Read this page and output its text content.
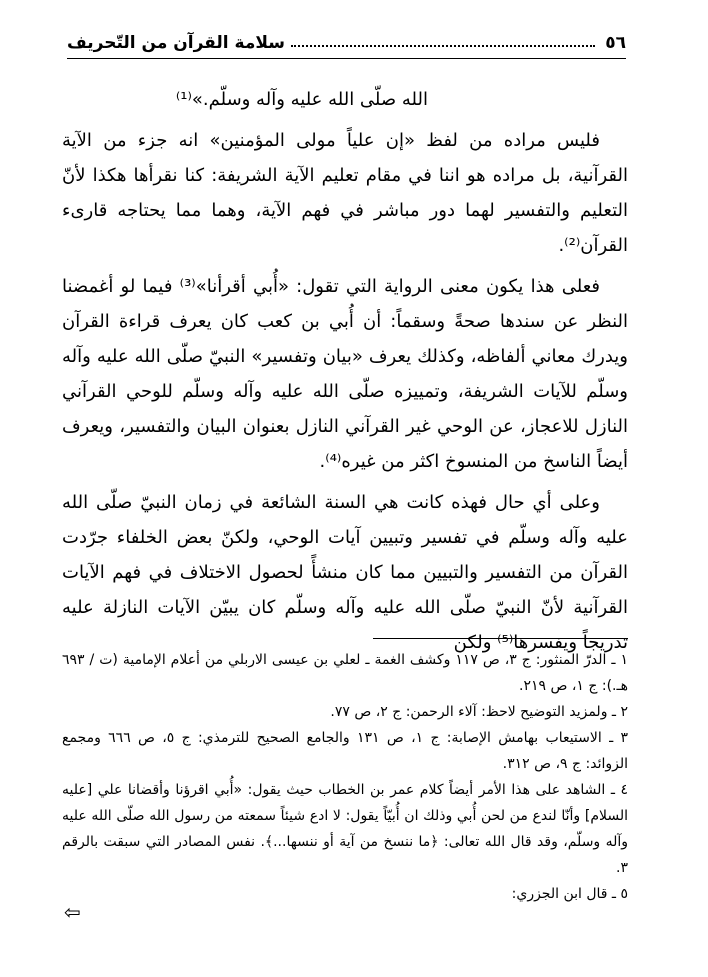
٥٦
سلامة القرآن من التّحريف

الله صلّى الله عليه وآله وسلّم.»⁽¹⁾

فليس مراده من لفظ «إن علياً مولى المؤمنين» انه جزء من الآية القرآنية، بل مراده هو اننا في مقام تعليم الآية الشريفة: كنا نقرأها هكذا لأنّ التعليم والتفسير لهما دور مباشر في فهم الآية، وهما مما يحتاجه قارىء القرآن⁽²⁾.

فعلى هذا يكون معنى الرواية التي تقول: «أُبي أقرأنا»⁽³⁾ فيما لو أغمضنا النظر عن سندها صحةً وسقماً: أن أُبي بن كعب كان يعرف قراءة القرآن ويدرك معاني ألفاظه، وكذلك يعرف «بيان وتفسير» النبيّ صلّى الله عليه وآله وسلّم للآيات الشريفة، وتمييزه صلّى الله عليه وآله وسلّم للوحي القرآني النازل للاعجاز، عن الوحي غير القرآني النازل بعنوان البيان والتفسير، ويعرف أيضاً الناسخ من المنسوخ اكثر من غيره⁽⁴⁾.

وعلى أي حال فهذه كانت هي السنة الشائعة في زمان النبيّ صلّى الله عليه وآله وسلّم في تفسير وتبيين آيات الوحي، ولكنّ بعض الخلفاء جرّدت القرآن من التفسير والتبيين مما كان منشأً لحصول الاختلاف في فهم الآيات القرآنية لأنّ النبيّ صلّى الله عليه وآله وسلّم كان يبيّن الآيات النازلة عليه تدريجاً ويفسرها⁽⁵⁾ ولكن

١ ـ الدرّ المنثور: ج ٣، ص ١١٧ وكشف الغمة ـ لعلي بن عيسى الاربلي من أعلام الإمامية (ت / ٦٩٣ هـ.): ج ١، ص ٢١٩.

٢ ـ ولمزيد التوضيح لاحظ: آلاء الرحمن: ج ٢، ص ٧٧.

٣ ـ الاستيعاب بهامش الإصابة: ج ١، ص ١٣١ والجامع الصحيح للترمذي: ج ٥، ص ٦٦٦ ومجمع الزوائد: ج ٩، ص ٣١٢.

٤ ـ الشاهد على هذا الأمر أيضاً كلام عمر بن الخطاب حيث يقول: «أُبي اقرؤنا وأقضانا علي [عليه السلام] وأنّا لندع من لحن أُبي وذلك ان أُبيّاً يقول: لا ادع شيئاً سمعته من رسول الله صلّى الله عليه وآله وسلّم، وقد قال الله تعالى: ﴿ما ننسخ من آية أو ننسها...﴾. نفس المصادر التي سبقت بالرقم ٣.

٥ ـ قال ابن الجزري:

⇦
